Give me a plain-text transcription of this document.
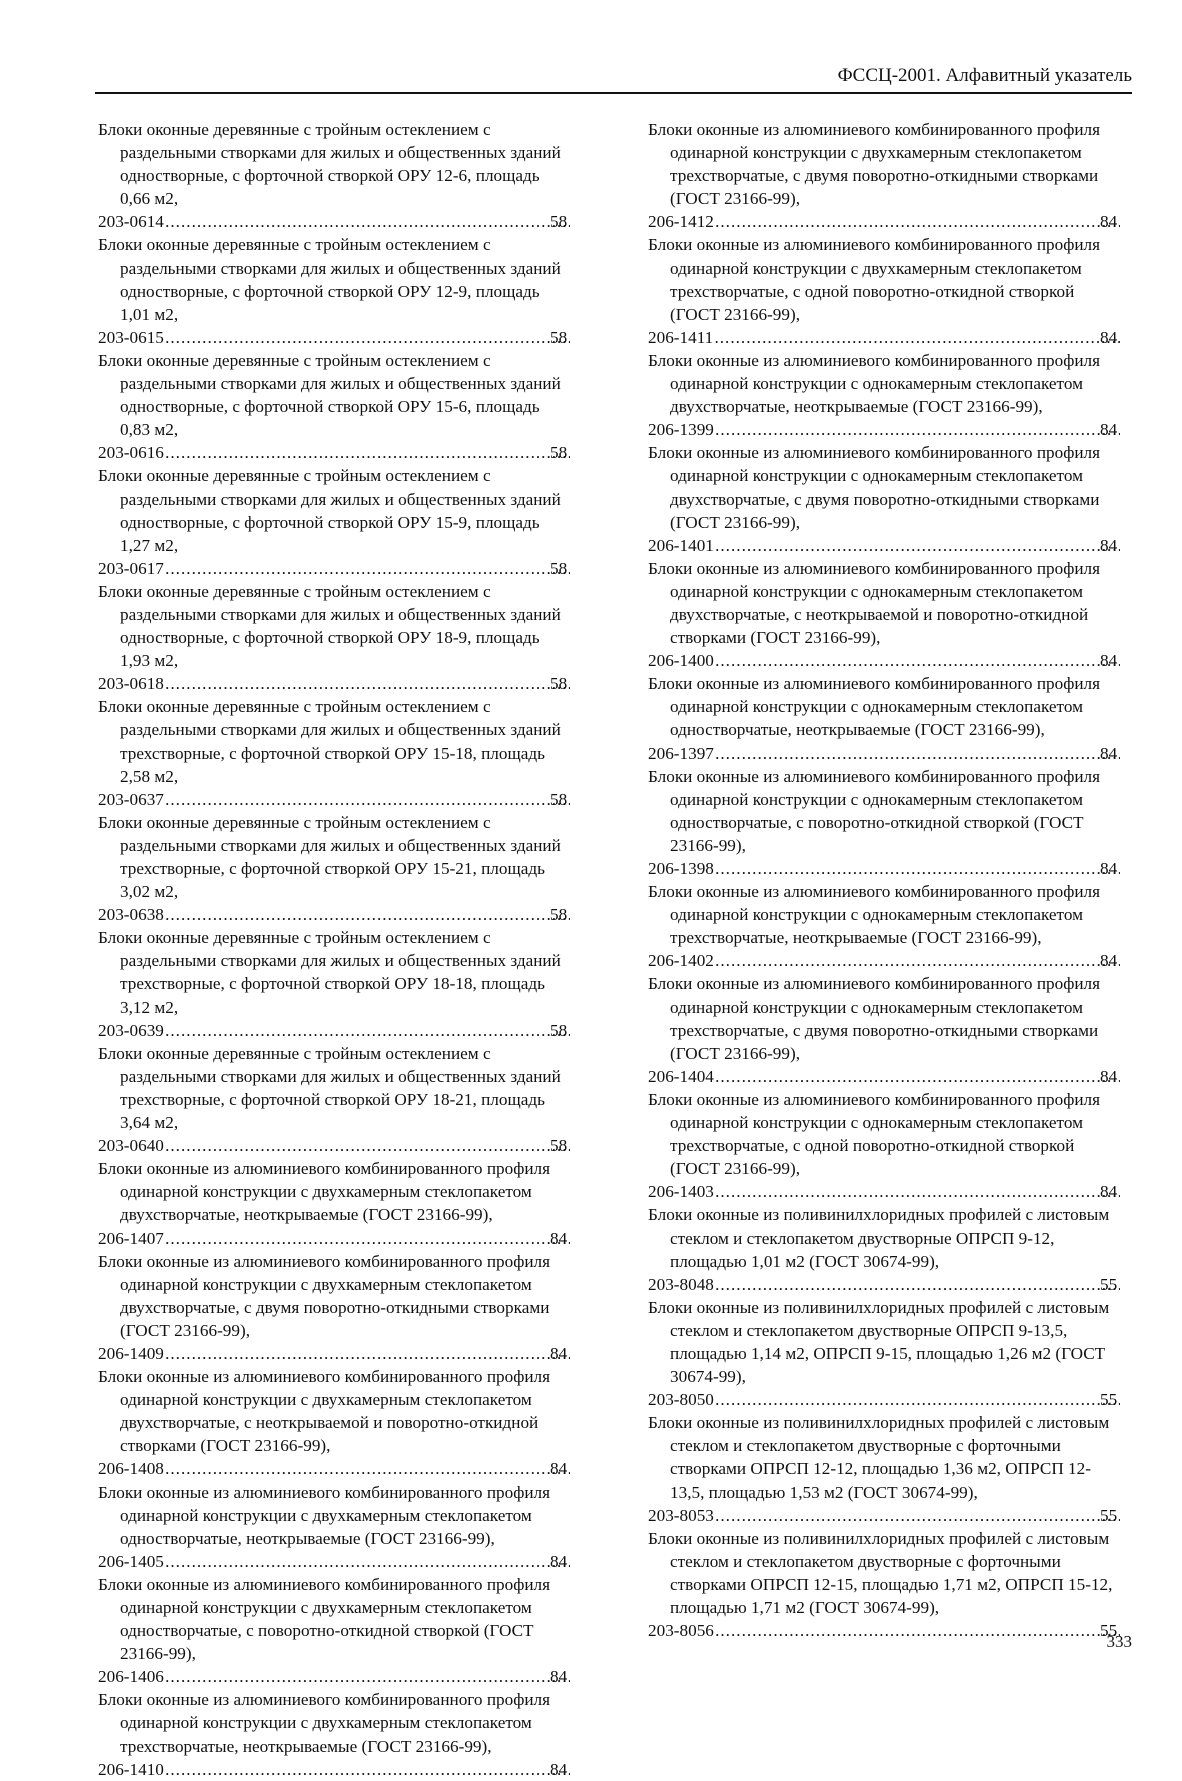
ФССЦ-2001. Алфавитный указатель
Блоки оконные деревянные с тройным остеклением с раздельными створками для жилых и общественных зданий одностворные, с форточной створкой ОРУ 12-6, площадь 0,66 м2,
203-0614 .....	58
Блоки оконные деревянные с тройным остеклением с раздельными створками для жилых и общественных зданий одностворные, с форточной створкой ОРУ 12-9, площадь 1,01 м2,
203-0615 .....	58
Блоки оконные деревянные с тройным остеклением с раздельными створками для жилых и общественных зданий одностворные, с форточной створкой ОРУ 15-6, площадь 0,83 м2,
203-0616 .....	58
Блоки оконные деревянные с тройным остеклением с раздельными створками для жилых и общественных зданий одностворные, с форточной створкой ОРУ 15-9, площадь 1,27 м2,
203-0617 .....	58
Блоки оконные деревянные с тройным остеклением с раздельными створками для жилых и общественных зданий одностворные, с форточной створкой ОРУ 18-9, площадь 1,93 м2,
203-0618 .....	58
Блоки оконные деревянные с тройным остеклением с раздельными створками для жилых и общественных зданий трехстворные, с форточной створкой ОРУ 15-18, площадь 2,58 м2,
203-0637 .....	58
Блоки оконные деревянные с тройным остеклением с раздельными створками для жилых и общественных зданий трехстворные, с форточной створкой ОРУ 15-21, площадь 3,02 м2,
203-0638 .....	58
Блоки оконные деревянные с тройным остеклением с раздельными створками для жилых и общественных зданий трехстворные, с форточной створкой ОРУ 18-18, площадь 3,12 м2,
203-0639 .....	58
Блоки оконные деревянные с тройным остеклением с раздельными створками для жилых и общественных зданий трехстворные, с форточной створкой ОРУ 18-21, площадь 3,64 м2,
203-0640 .....	58
Блоки оконные из алюминиевого комбинированного профиля одинарной конструкции с двухкамерным стеклопакетом двухстворчатые, неоткрываемые (ГОСТ 23166-99),
206-1407 .....	84
Блоки оконные из алюминиевого комбинированного профиля одинарной конструкции с двухкамерным стеклопакетом двухстворчатые, с двумя поворотно-откидными створками (ГОСТ 23166-99),
206-1409 .....	84
Блоки оконные из алюминиевого комбинированного профиля одинарной конструкции с двухкамерным стеклопакетом двухстворчатые, с неоткрываемой и поворотно-откидной створками (ГОСТ 23166-99),
206-1408 .....	84
Блоки оконные из алюминиевого комбинированного профиля одинарной конструкции с двухкамерным стеклопакетом одностворчатые, неоткрываемые (ГОСТ 23166-99),
206-1405 .....	84
Блоки оконные из алюминиевого комбинированного профиля одинарной конструкции с двухкамерным стеклопакетом одностворчатые, с поворотно-откидной створкой (ГОСТ 23166-99),
206-1406 .....	84
Блоки оконные из алюминиевого комбинированного профиля одинарной конструкции с двухкамерным стеклопакетом трехстворчатые, неоткрываемые (ГОСТ 23166-99),
206-1410 .....	84
Блоки оконные из алюминиевого комбинированного профиля одинарной конструкции с двухкамерным стеклопакетом трехстворчатые, с двумя поворотно-откидными створками (ГОСТ 23166-99),
206-1412 .....	84
Блоки оконные из алюминиевого комбинированного профиля одинарной конструкции с двухкамерным стеклопакетом трехстворчатые, с одной поворотно-откидной створкой (ГОСТ 23166-99),
206-1411 .....	84
Блоки оконные из алюминиевого комбинированного профиля одинарной конструкции с однокамерным стеклопакетом двухстворчатые, неоткрываемые (ГОСТ 23166-99),
206-1399 .....	84
Блоки оконные из алюминиевого комбинированного профиля одинарной конструкции с однокамерным стеклопакетом двухстворчатые, с двумя поворотно-откидными створками (ГОСТ 23166-99),
206-1401 .....	84
Блоки оконные из алюминиевого комбинированного профиля одинарной конструкции с однокамерным стеклопакетом двухстворчатые, с неоткрываемой и поворотно-откидной створками (ГОСТ 23166-99),
206-1400 .....	84
Блоки оконные из алюминиевого комбинированного профиля одинарной конструкции с однокамерным стеклопакетом одностворчатые, неоткрываемые (ГОСТ 23166-99),
206-1397 .....	84
Блоки оконные из алюминиевого комбинированного профиля одинарной конструкции с однокамерным стеклопакетом одностворчатые, с поворотно-откидной створкой (ГОСТ 23166-99),
206-1398 .....	84
Блоки оконные из алюминиевого комбинированного профиля одинарной конструкции с однокамерным стеклопакетом трехстворчатые, неоткрываемые (ГОСТ 23166-99),
206-1402 .....	84
Блоки оконные из алюминиевого комбинированного профиля одинарной конструкции с однокамерным стеклопакетом трехстворчатые, с двумя поворотно-откидными створками (ГОСТ 23166-99),
206-1404 .....	84
Блоки оконные из алюминиевого комбинированного профиля одинарной конструкции с однокамерным стеклопакетом трехстворчатые, с одной поворотно-откидной створкой (ГОСТ 23166-99),
206-1403 .....	84
Блоки оконные из поливинилхлоридных профилей с листовым стеклом и стеклопакетом двустворные ОПРСП 9-12, площадью 1,01 м2 (ГОСТ 30674-99),
203-8048 .....	55
Блоки оконные из поливинилхлоридных профилей с листовым стеклом и стеклопакетом двустворные ОПРСП 9-13,5, площадью 1,14 м2, ОПРСП 9-15, площадью 1,26 м2 (ГОСТ 30674-99),
203-8050 .....	55
Блоки оконные из поливинилхлоридных профилей с листовым стеклом и стеклопакетом двустворные с форточными створками ОПРСП 12-12, площадью 1,36 м2, ОПРСП 12-13,5, площадью 1,53 м2 (ГОСТ 30674-99),
203-8053 .....	55
Блоки оконные из поливинилхлоридных профилей с листовым стеклом и стеклопакетом двустворные с форточными створками ОПРСП 12-15, площадью 1,71 м2, ОПРСП 15-12, площадью 1,71 м2 (ГОСТ 30674-99),
203-8056 .....	55
333
